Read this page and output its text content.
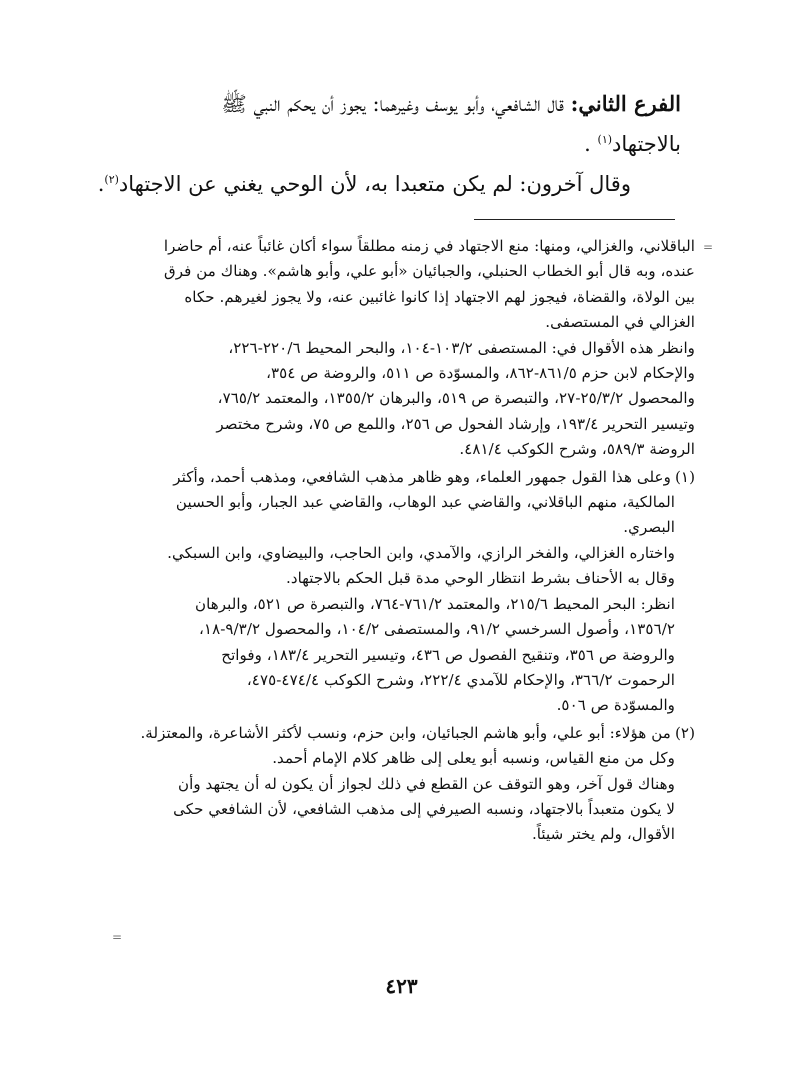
الفرع الثاني: قال الشافعي، وأبو يوسف وغيرهما: يجوز أن يحكم النبي ﷺ

بالاجتهاد$^{(١)}$ .

وقال آخرون: لم يكن متعبدا به، لأن الوحي يغني عن الاجتهاد$^{(٢)}$.

=

الباقلاني، والغزالي، ومنها: منع الاجتهاد في زمنه مطلقاً سواء أكان غائباً عنه، أم حاضرا

عنده، وبه قال أبو الخطاب الحنبلي، والجبائيان «أبو علي، وأبو هاشم». وهناك من فرق

بين الولاة، والقضاة، فيجوز لهم الاجتهاد إذا كانوا غائبين عنه، ولا يجوز لغيرهم. حكاه

الغزالي في المستصفى.

وانظر هذه الأقوال في: المستصفى ١٠٣/٢-١٠٤، والبحر المحيط ٢٢٠/٦-٢٢٦،

والإحكام لابن حزم ٨٦١/٥-٨٦٢، والمسوّدة ص ٥١١، والروضة ص ٣٥٤،

والمحصول ٢٥/٣/٢-٢٧، والتبصرة ص ٥١٩، والبرهان ١٣٥٥/٢، والمعتمد ٧٦٥/٢،

وتيسير التحرير ١٩٣/٤، وإرشاد الفحول ص ٢٥٦، واللمع ص ٧٥، وشرح مختصر

الروضة ٥٨٩/٣، وشرح الكوكب ٤٨١/٤.

(١)وعلى هذا القول جمهور العلماء، وهو ظاهر مذهب الشافعي، ومذهب أحمد، وأكثر

المالكية، منهم الباقلاني، والقاضي عبد الوهاب، والقاضي عبد الجبار، وأبو الحسين

البصري.

واختاره الغزالي، والفخر الرازي، والآمدي، وابن الحاجب، والبيضاوي، وابن السبكي.

وقال به الأحناف بشرط انتظار الوحي مدة قبل الحكم بالاجتهاد.

انظر: البحر المحيط ٢١٥/٦، والمعتمد ٧٦١/٢-٧٦٤، والتبصرة ص ٥٢١، والبرهان

١٣٥٦/٢، وأصول السرخسي ٩١/٢، والمستصفى ١٠٤/٢، والمحصول ٩/٣/٢-١٨،

والروضة ص ٣٥٦، وتنقيح الفصول ص ٤٣٦، وتيسير التحرير ١٨٣/٤، وفواتح

الرحموت ٣٦٦/٢، والإحكام للآمدي ٢٢٢/٤، وشرح الكوكب ٤٧٤/٤-٤٧٥،

والمسوّدة ص ٥٠٦.

(٢)من هؤلاء: أبو علي، وأبو هاشم الجبائيان، وابن حزم، ونسب لأكثر الأشاعرة، والمعتزلة.

وكل من منع القياس، ونسبه أبو يعلى إلى ظاهر كلام الإمام أحمد.

وهناك قول آخر، وهو التوقف عن القطع في ذلك لجواز أن يكون له أن يجتهد وأن

لا يكون متعبداً بالاجتهاد، ونسبه الصيرفي إلى مذهب الشافعي، لأن الشافعي حكى

الأقوال، ولم يختر شيئاً.

=
٤٢٣
